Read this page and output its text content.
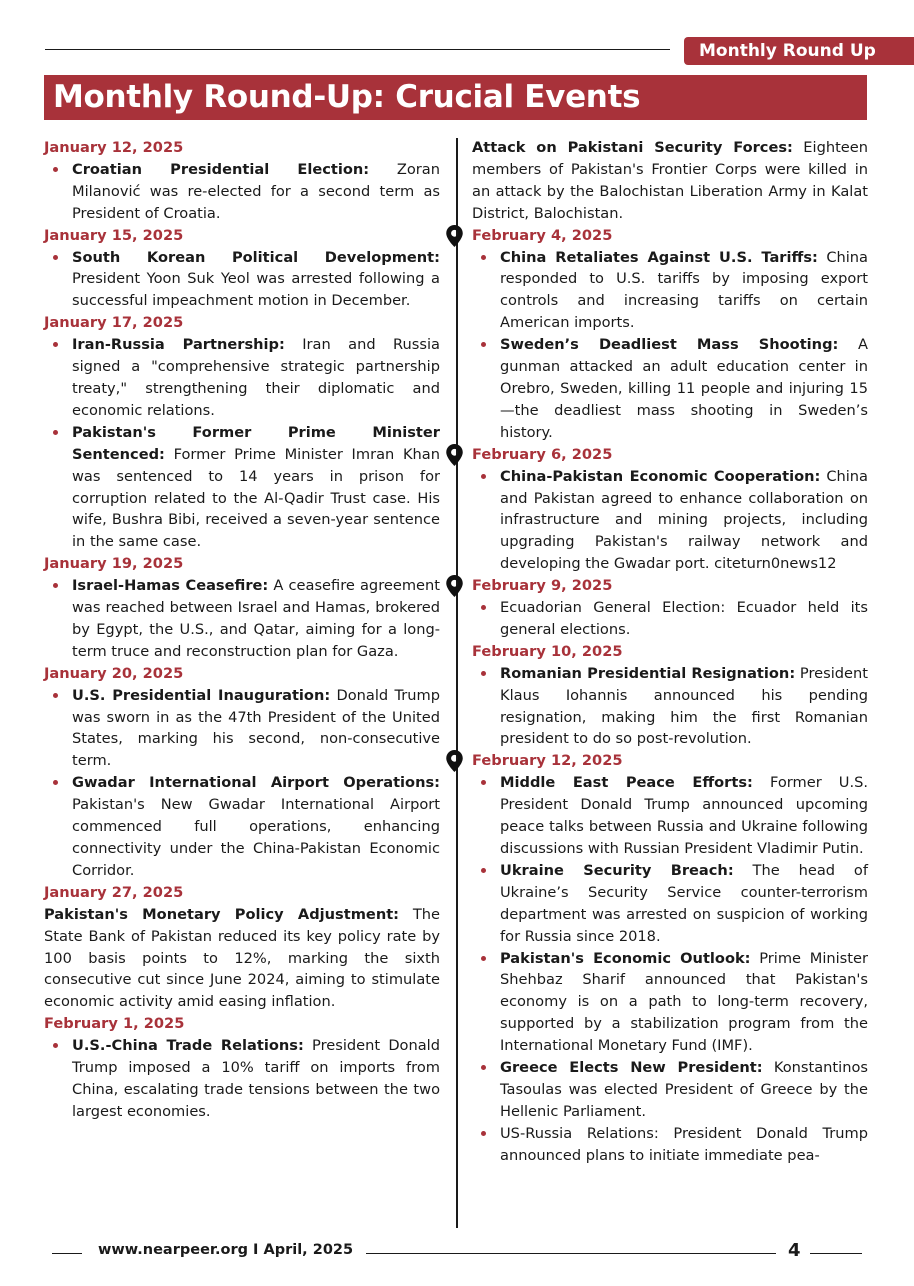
Monthly Round Up
Monthly Round-Up: Crucial Events
January 12, 2025
Croatian Presidential Election: Zoran Milanović was re-elected for a second term as President of Croatia.
January 15, 2025
South Korean Political Development: President Yoon Suk Yeol was arrested following a successful impeachment motion in December.
January 17, 2025
Iran-Russia Partnership: Iran and Russia signed a "comprehensive strategic partnership treaty," strengthening their diplomatic and economic relations.
Pakistan's Former Prime Minister Sentenced: Former Prime Minister Imran Khan was sentenced to 14 years in prison for corruption related to the Al-Qadir Trust case. His wife, Bushra Bibi, received a seven-year sentence in the same case.
January 19, 2025
Israel-Hamas Ceasefire: A ceasefire agreement was reached between Israel and Hamas, brokered by Egypt, the U.S., and Qatar, aiming for a long-term truce and reconstruction plan for Gaza.
January 20, 2025
U.S. Presidential Inauguration: Donald Trump was sworn in as the 47th President of the United States, marking his second, non-consecutive term.
Gwadar International Airport Operations: Pakistan's New Gwadar International Airport commenced full operations, enhancing connectivity under the China-Pakistan Economic Corridor.
January 27, 2025
Pakistan's Monetary Policy Adjustment: The State Bank of Pakistan reduced its key policy rate by 100 basis points to 12%, marking the sixth consecutive cut since June 2024, aiming to stimulate economic activity amid easing inflation.
February 1, 2025
U.S.-China Trade Relations: President Donald Trump imposed a 10% tariff on imports from China, escalating trade tensions between the two largest economies.
Attack on Pakistani Security Forces: Eighteen members of Pakistan's Frontier Corps were killed in an attack by the Balochistan Liberation Army in Kalat District, Balochistan.
February 4, 2025
China Retaliates Against U.S. Tariffs: China responded to U.S. tariffs by imposing export controls and increasing tariffs on certain American imports.
Sweden’s Deadliest Mass Shooting: A gunman attacked an adult education center in Orebro, Sweden, killing 11 people and injuring 15—the deadliest mass shooting in Sweden’s history.
February 6, 2025
China-Pakistan Economic Cooperation: China and Pakistan agreed to enhance collaboration on infrastructure and mining projects, including upgrading Pakistan's railway network and developing the Gwadar port. citeturn0news12
February 9, 2025
Ecuadorian General Election: Ecuador held its general elections.
February 10, 2025
Romanian Presidential Resignation: President Klaus Iohannis announced his pending resignation, making him the first Romanian president to do so post-revolution.
February 12, 2025
Middle East Peace Efforts: Former U.S. President Donald Trump announced upcoming peace talks between Russia and Ukraine following discussions with Russian President Vladimir Putin.
Ukraine Security Breach: The head of Ukraine’s Security Service counter-terrorism department was arrested on suspicion of working for Russia since 2018.
Pakistan's Economic Outlook: Prime Minister Shehbaz Sharif announced that Pakistan's economy is on a path to long-term recovery, supported by a stabilization program from the International Monetary Fund (IMF).
Greece Elects New President: Konstantinos Tasoulas was elected President of Greece by the Hellenic Parliament.
US-Russia Relations: President Donald Trump announced plans to initiate immediate pea-
www.nearpeer.org I April, 2025	4
